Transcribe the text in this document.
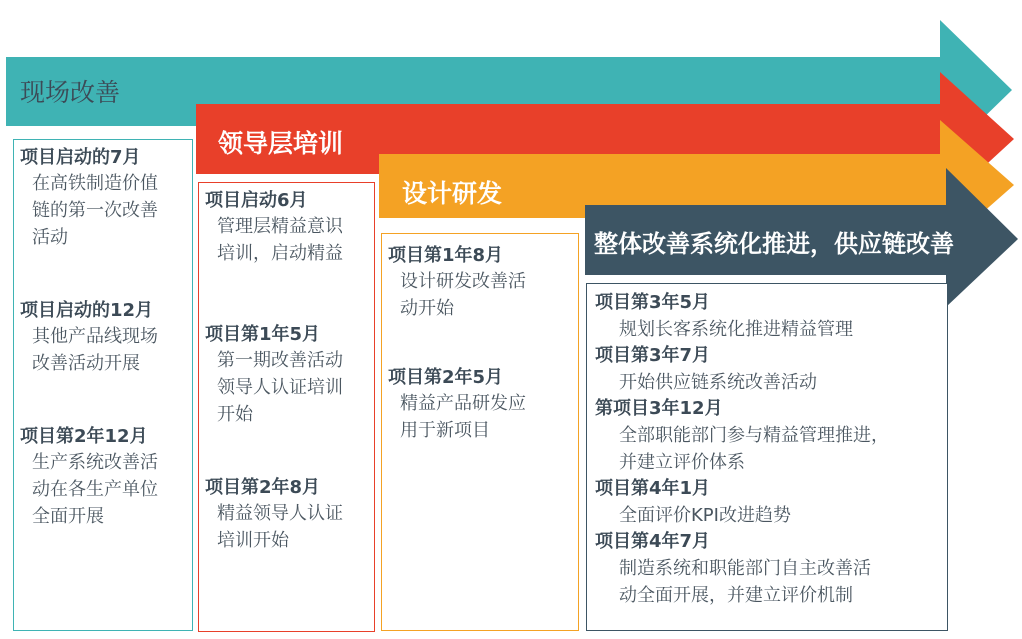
现场改善
领导层培训
设计研发
整体改善系统化推进，供应链改善
项目启动的7月
在高铁制造价值
链的第一次改善
活动
项目启动的12月
其他产品线现场
改善活动开展
项目第2年12月
生产系统改善活
动在各生产单位
全面开展
项目启动6月
管理层精益意识
培训，启动精益
项目第1年5月
第一期改善活动
领导人认证培训
开始
项目第2年8月
精益领导人认证
培训开始
项目第1年8月
设计研发改善活
动开始
项目第2年5月
精益产品研发应
用于新项目
项目第3年5月
规划长客系统化推进精益管理
项目第3年7月
开始供应链系统改善活动
第项目3年12月
全部职能部门参与精益管理推进，
并建立评价体系
项目第4年1月
全面评价KPI改进趋势
项目第4年7月
制造系统和职能部门自主改善活
动全面开展，并建立评价机制
